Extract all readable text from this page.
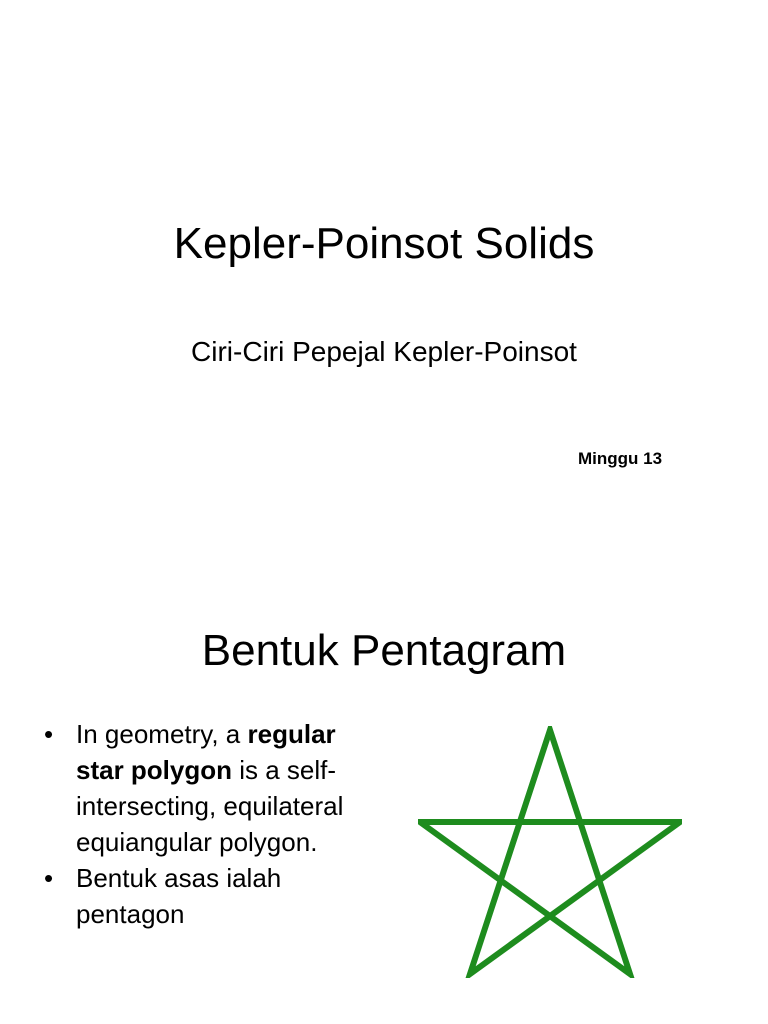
Kepler-Poinsot Solids
Ciri-Ciri Pepejal Kepler-Poinsot
Minggu 13
Bentuk Pentagram
• In geometry, a regular star polygon is a self-intersecting, equilateral equiangular polygon.
• Bentuk asas ialah pentagon
